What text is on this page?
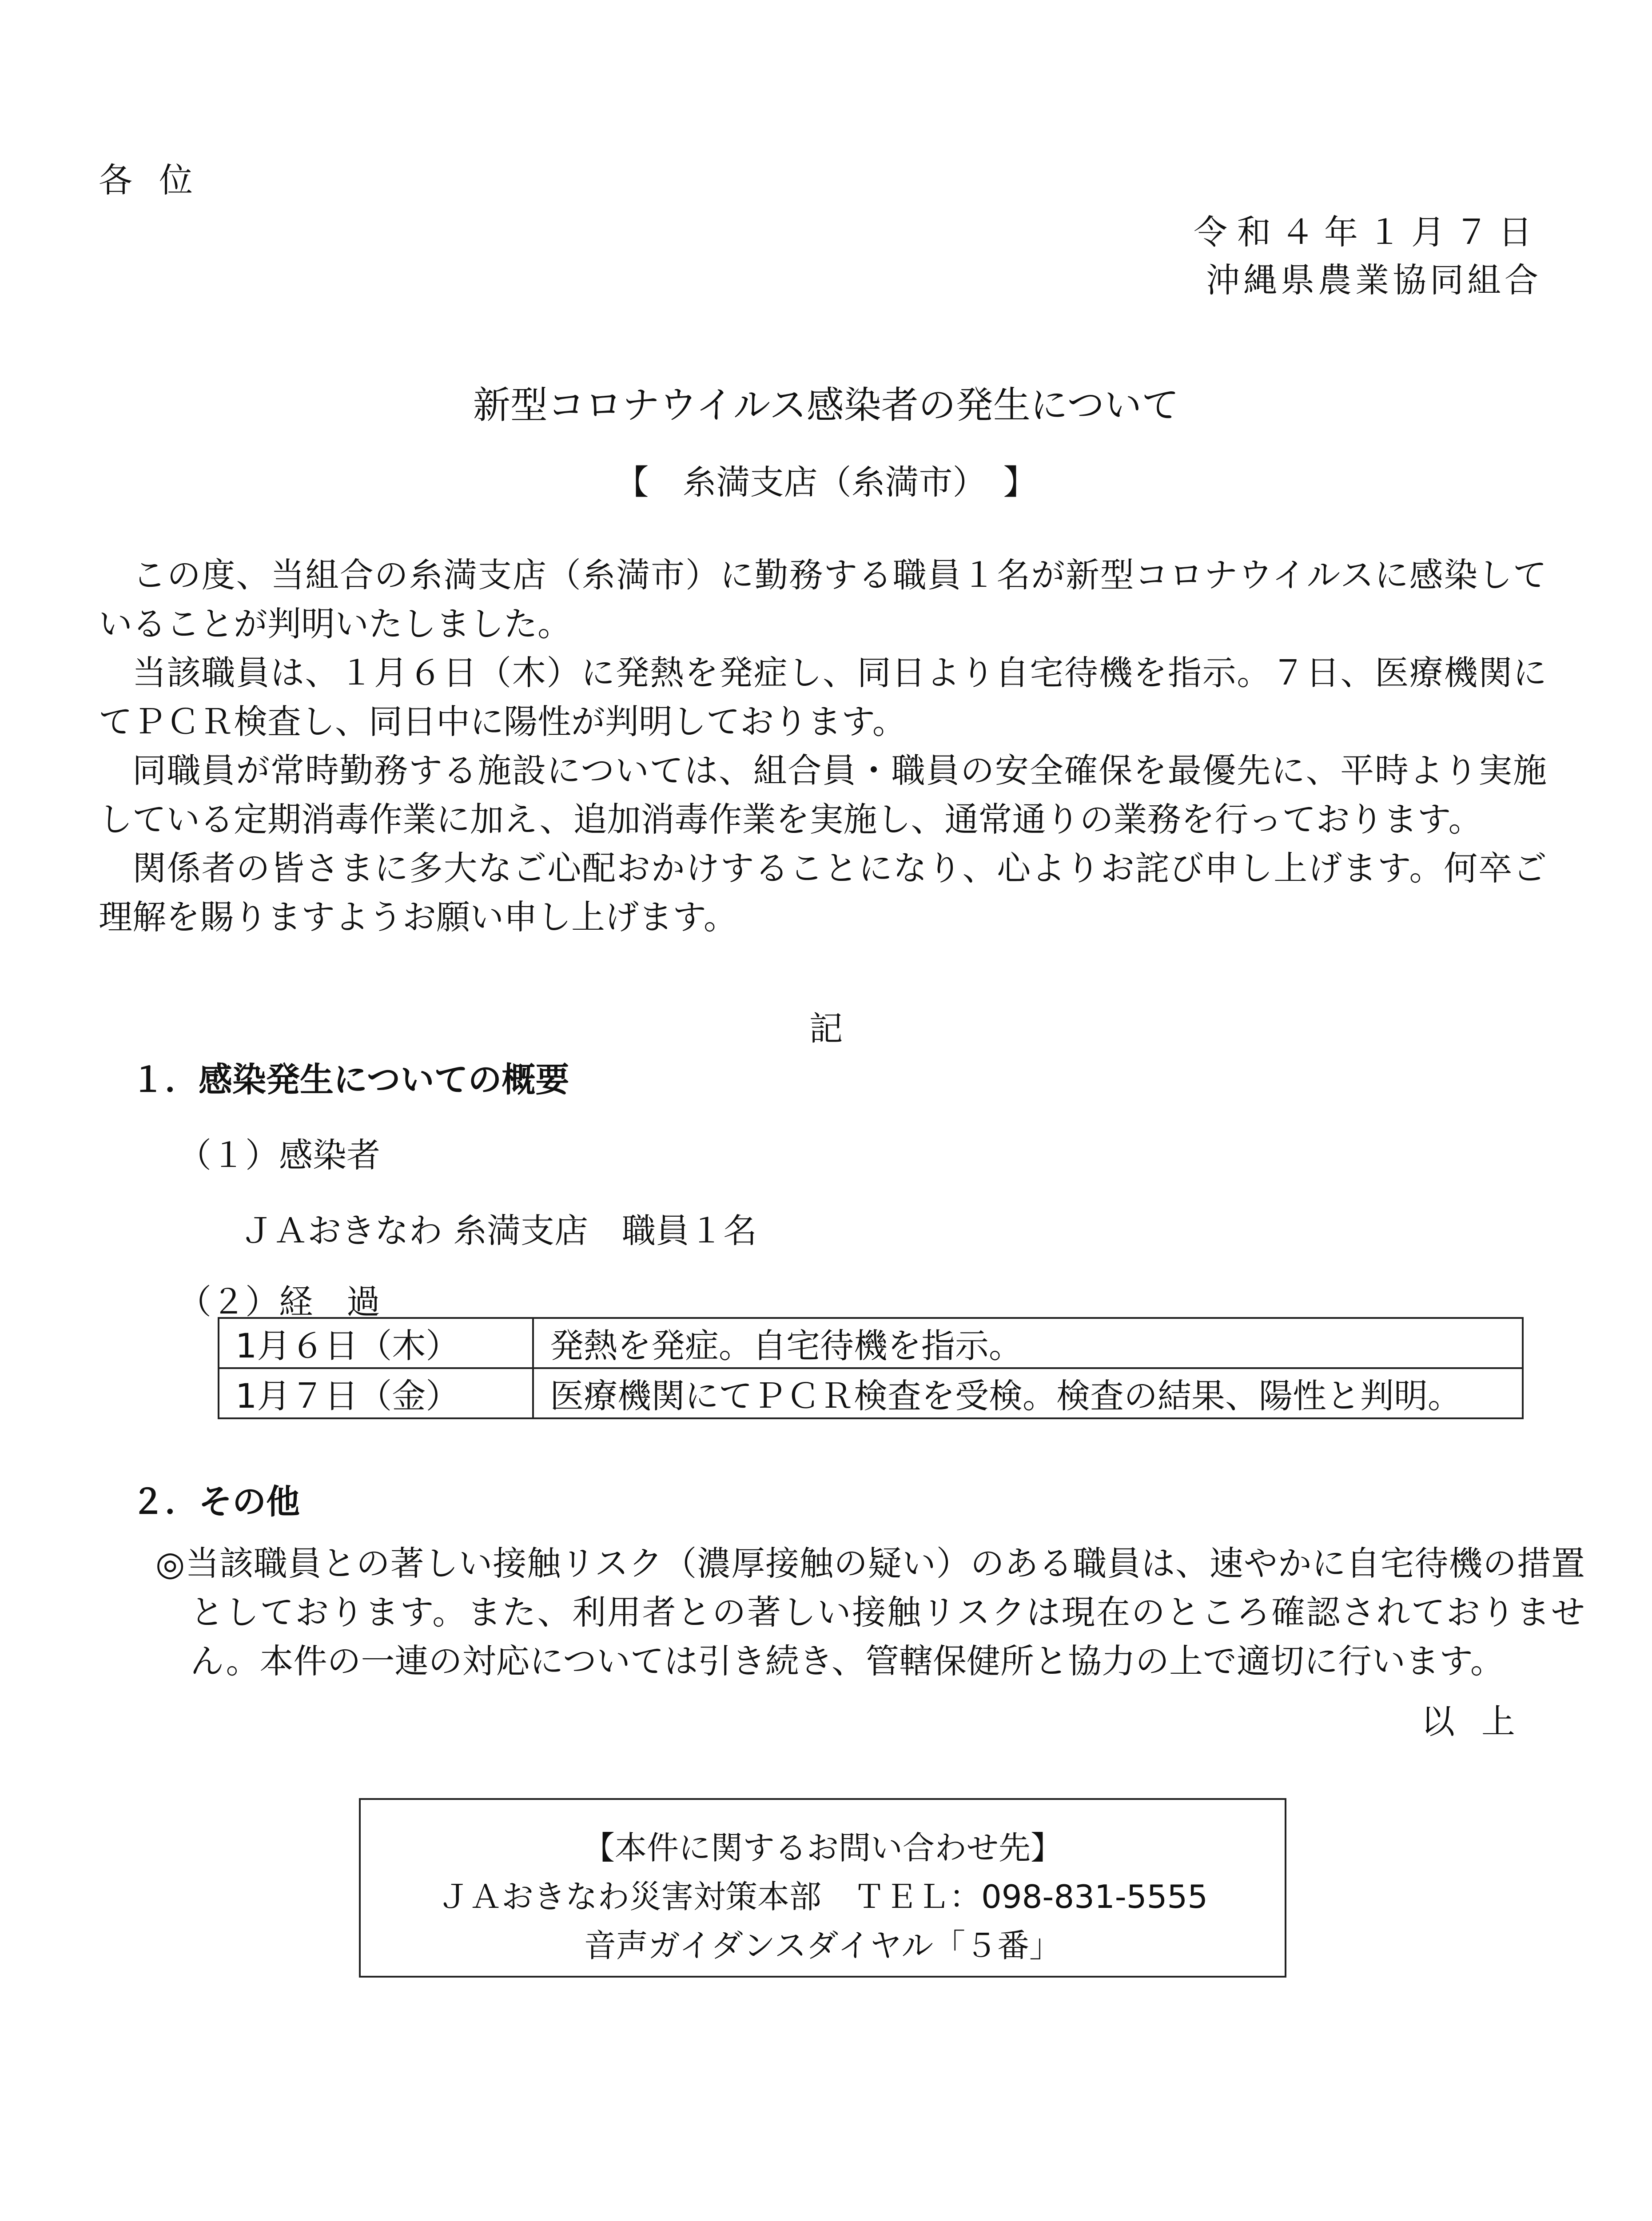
各位
令和４年１月７日
沖縄県農業協同組合
新型コロナウイルス感染者の発生について
【　糸満支店（糸満市）　】
この度、当組合の糸満支店（糸満市）に勤務する職員１名が新型コロナウイルスに感染していることが判明いたしました。
当該職員は、１月６日（木）に発熱を発症し、同日より自宅待機を指示。７日、医療機関にてＰＣＲ検査し、同日中に陽性が判明しております。
同職員が常時勤務する施設については、組合員・職員の安全確保を最優先に、平時より実施している定期消毒作業に加え、追加消毒作業を実施し、通常通りの業務を行っております。
関係者の皆さまに多大なご心配おかけすることになり、心よりお詫び申し上げます。何卒ご理解を賜りますようお願い申し上げます。
記
１．感染発生についての概要
（１）感染者
ＪＡおきなわ 糸満支店　職員１名
（２）経　過
1月６日（木）	発熱を発症。自宅待機を指示。
1月７日（金）	医療機関にてＰＣＲ検査を受検。検査の結果、陽性と判明。
２．その他
◎当該職員との著しい接触リスク（濃厚接触の疑い）のある職員は、速やかに自宅待機の措置としております。また、利用者との著しい接触リスクは現在のところ確認されておりません。本件の一連の対応については引き続き、管轄保健所と協力の上で適切に行います。
以上
【本件に関するお問い合わせ先】
ＪＡおきなわ災害対策本部　ＴＥＬ：098-831-5555
音声ガイダンスダイヤル「５番」
